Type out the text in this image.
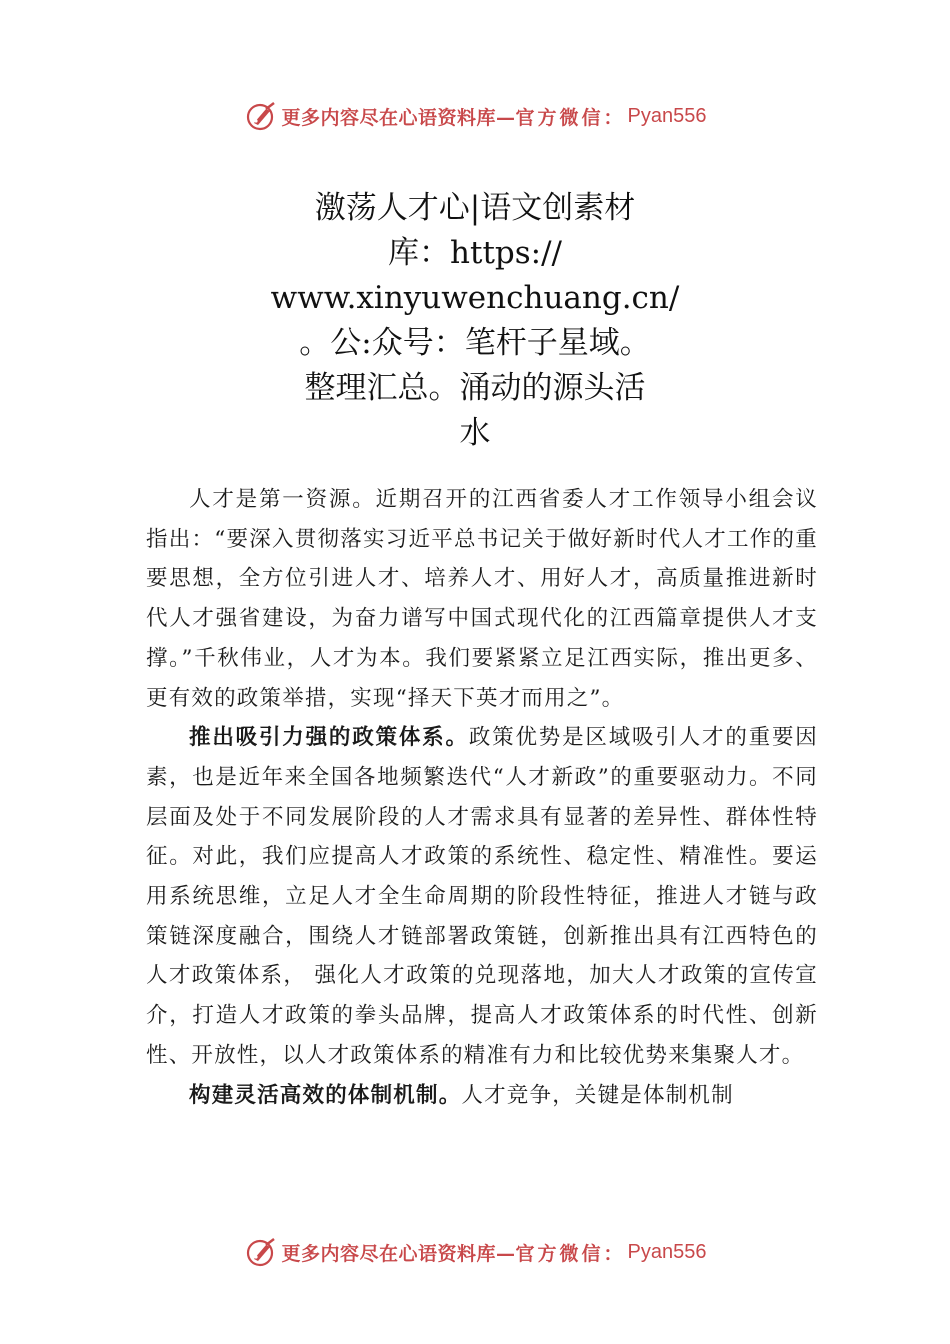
更多内容尽在心语资料库— 官方微信： Pyan556
激荡人才心|语文创素材
库：https://
www.xinyuwenchuang.cn/
。公:众号：笔杆子星域。
整理汇总。涌动的源头活
水

人才是第一资源。近期召开的江西省委人才工作领导小组会议指出：“要深入贯彻落实习近平总书记关于做好新时代人才工作的重要思想，全方位引进人才、培养人才、用好人才，高质量推进新时代人才强省建设，为奋力谱写中国式现代化的江西篇章提供人才支撑。”千秋伟业，人才为本。我们要紧紧立足江西实际，推出更多、更有效的政策举措，实现“择天下英才而用之”。

推出吸引力强的政策体系。政策优势是区域吸引人才的重要因素，也是近年来全国各地频繁迭代“人才新政”的重要驱动力。不同层面及处于不同发展阶段的人才需求具有显著的差异性、群体性特征。对此，我们应提高人才政策的系统性、稳定性、精准性。要运用系统思维，立足人才全生命周期的阶段性特征，推进人才链与政策链深度融合，围绕人才链部署政策链，创新推出具有江西特色的人才政策体系， 强化人才政策的兑现落地，加大人才政策的宣传宣介，打造人才政策的拳头品牌，提高人才政策体系的时代性、创新性、开放性，以人才政策体系的精准有力和比较优势来集聚人才。

构建灵活高效的体制机制。人才竞争，关键是体制机制

更多内容尽在心语资料库— 官方微信： Pyan556
